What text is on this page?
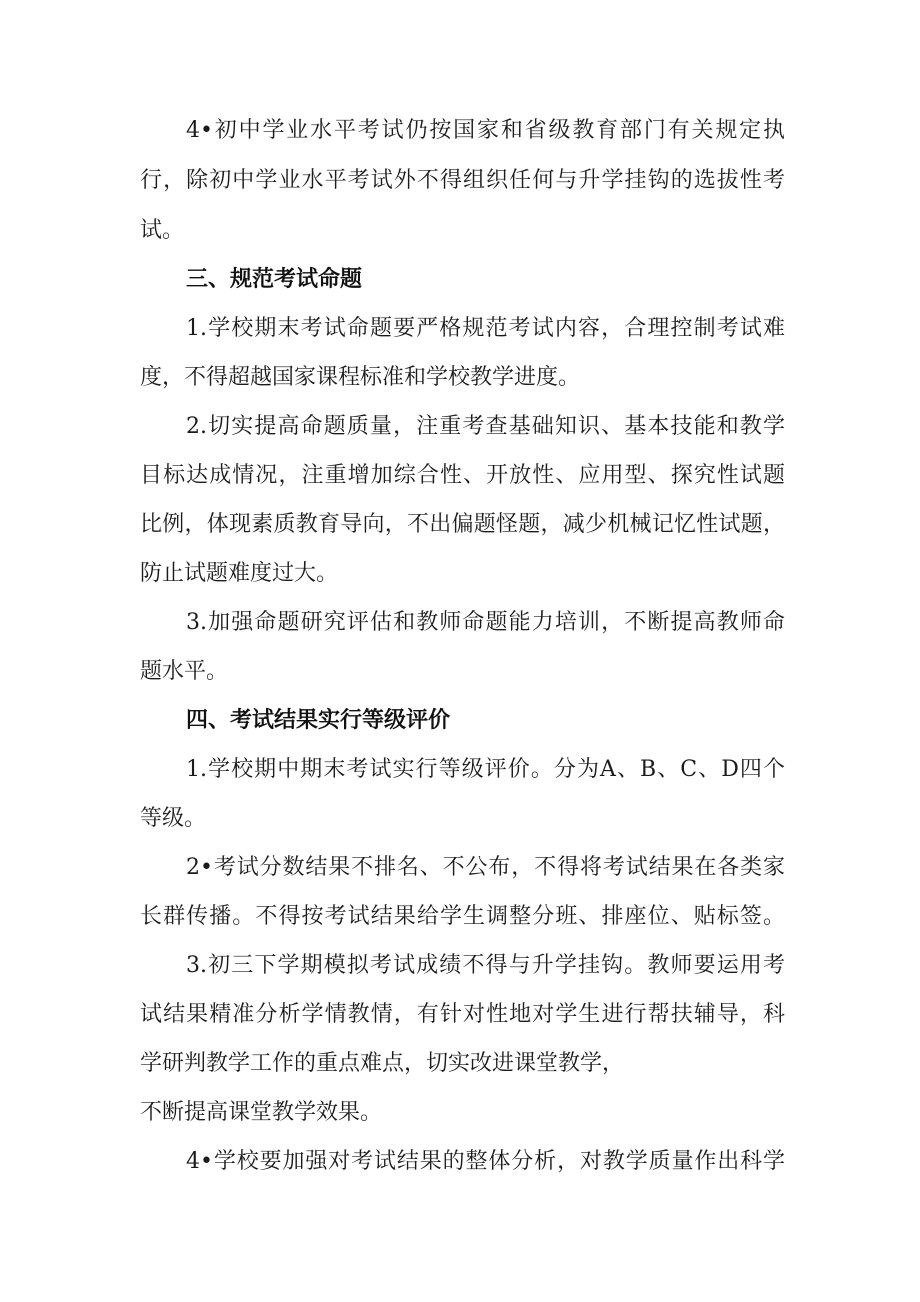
4•初中学业水平考试仍按国家和省级教育部门有关规定执
行，除初中学业水平考试外不得组织任何与升学挂钩的选拔性考
试。
三、规范考试命题
1.学校期末考试命题要严格规范考试内容，合理控制考试难
度，不得超越国家课程标准和学校教学进度。
2.切实提高命题质量，注重考查基础知识、基本技能和教学
目标达成情况，注重增加综合性、开放性、应用型、探究性试题
比例，体现素质教育导向，不出偏题怪题，减少机械记忆性试题，
防止试题难度过大。
3.加强命题研究评估和教师命题能力培训，不断提高教师命
题水平。
四、考试结果实行等级评价
1.学校期中期末考试实行等级评价。分为A、B、C、D四个
等级。
2•考试分数结果不排名、不公布，不得将考试结果在各类家
长群传播。不得按考试结果给学生调整分班、排座位、贴标签。
3.初三下学期模拟考试成绩不得与升学挂钩。教师要运用考
试结果精准分析学情教情，有针对性地对学生进行帮扶辅导，科
学研判教学工作的重点难点，切实改进课堂教学，
不断提高课堂教学效果。
4•学校要加强对考试结果的整体分析，对教学质量作出科学
